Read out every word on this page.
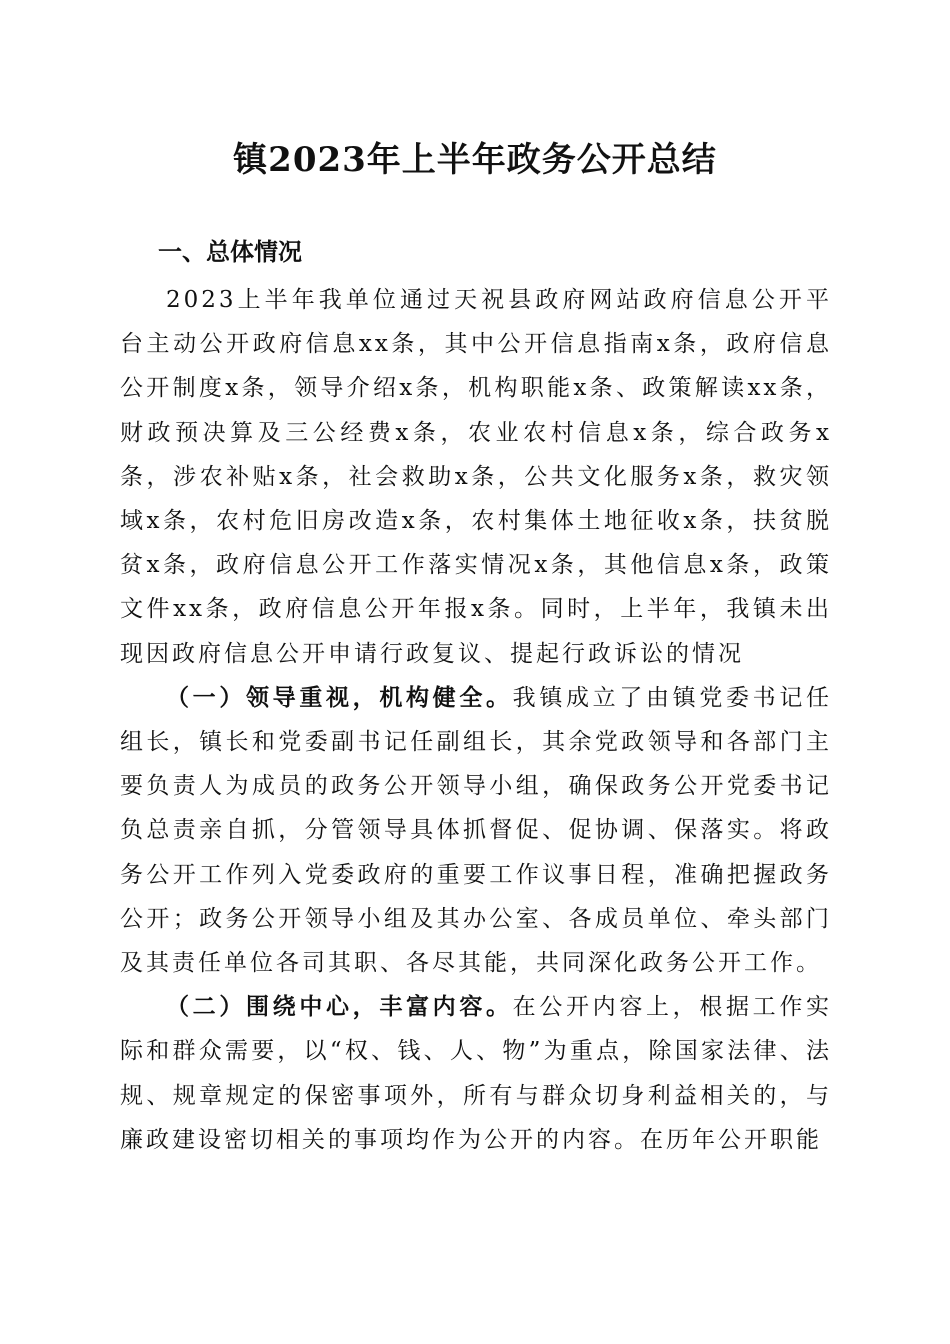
镇2023年上半年政务公开总结
一、总体情况

2023上半年我单位通过天祝县政府网站政府信息公开平台主动公开政府信息xx条，其中公开信息指南x条，政府信息公开制度x条，领导介绍x条，机构职能x条、政策解读xx条，财政预决算及三公经费x条，农业农村信息x条，综合政务x条，涉农补贴x条，社会救助x条，公共文化服务x条，救灾领域x条，农村危旧房改造x条，农村集体土地征收x条，扶贫脱贫x条，政府信息公开工作落实情况x条，其他信息x条，政策文件xx条，政府信息公开年报x条。同时，上半年，我镇未出现因政府信息公开申请行政复议、提起行政诉讼的情况

（一）领导重视，机构健全。我镇成立了由镇党委书记任组长，镇长和党委副书记任副组长，其余党政领导和各部门主要负责人为成员的政务公开领导小组，确保政务公开党委书记负总责亲自抓，分管领导具体抓督促、促协调、保落实。将政务公开工作列入党委政府的重要工作议事日程，准确把握政务公开；政务公开领导小组及其办公室、各成员单位、牵头部门及其责任单位各司其职、各尽其能，共同深化政务公开工作。

（二）围绕中心，丰富内容。在公开内容上，根据工作实际和群众需要，以“权、钱、人、物”为重点，除国家法律、法规、规章规定的保密事项外，所有与群众切身利益相关的，与廉政建设密切相关的事项均作为公开的内容。在历年公开职能
